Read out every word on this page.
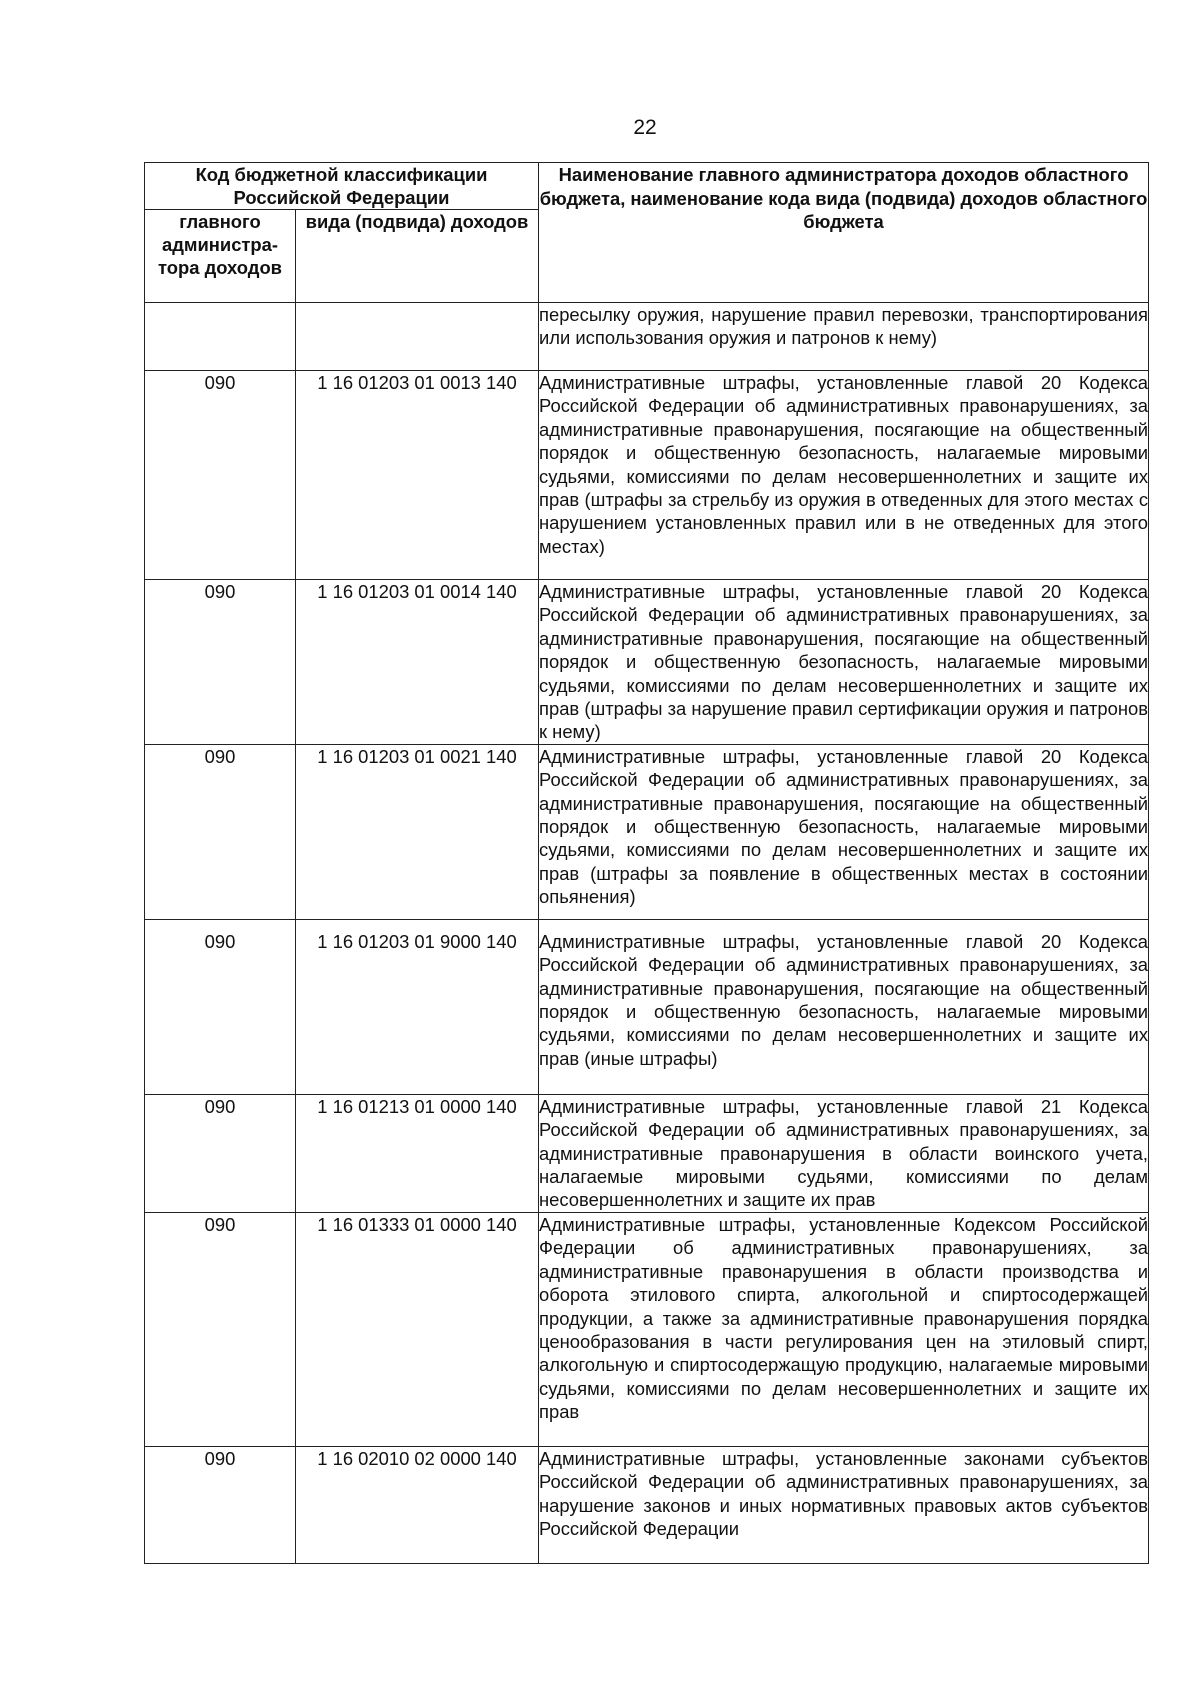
22
Код бюджетной классификации Российской Федерации		Наименование главного администратора доходов областного бюджета, наименование кода вида (подвида) доходов областного бюджета
главного администра-тора доходов	вида (подвида) доходов	
		пересылку оружия, нарушение правил перевозки, транспортирования или использования оружия и патронов к нему)
090	1 16 01203 01 0013 140	Административные штрафы, установленные главой 20 Кодекса Российской Федерации об административных правонарушениях, за административные правонарушения, посягающие на общественный порядок и общественную безопасность, налагаемые мировыми судьями, комиссиями по делам несовершеннолетних и защите их прав (штрафы за стрельбу из оружия в отведенных для этого местах с нарушением установленных правил или в не отведенных для этого местах)
090	1 16 01203 01 0014 140	Административные штрафы, установленные главой 20 Кодекса Российской Федерации об административных правонарушениях, за административные правонарушения, посягающие на общественный порядок и общественную безопасность, налагаемые мировыми судьями, комиссиями по делам несовершеннолетних и защите их прав (штрафы за нарушение правил сертификации оружия и патронов к нему)
090	1 16 01203 01 0021 140	Административные штрафы, установленные главой 20 Кодекса Российской Федерации об административных правонарушениях, за административные правонарушения, посягающие на общественный порядок и общественную безопасность, налагаемые мировыми судьями, комиссиями по делам несовершеннолетних и защите их прав (штрафы за появление в общественных местах в состоянии опьянения)
090	1 16 01203 01 9000 140	Административные штрафы, установленные главой 20 Кодекса Российской Федерации об административных правонарушениях, за административные правонарушения, посягающие на общественный порядок и общественную безопасность, налагаемые мировыми судьями, комиссиями по делам несовершеннолетних и защите их прав (иные штрафы)
090	1 16 01213 01 0000 140	Административные штрафы, установленные главой 21 Кодекса Российской Федерации об административных правонарушениях, за административные правонарушения в области воинского учета, налагаемые мировыми судьями, комиссиями по делам несовершеннолетних и защите их прав
090	1 16 01333 01 0000 140	Административные штрафы, установленные Кодексом Российской Федерации об административных правонарушениях, за административные правонарушения в области производства и оборота этилового спирта, алкогольной и спиртосодержащей продукции, а также за административные правонарушения порядка ценообразования в части регулирования цен на этиловый спирт, алкогольную и спиртосодержащую продукцию, налагаемые мировыми судьями, комиссиями по делам несовершеннолетних и защите их прав
090	1 16 02010 02 0000 140	Административные штрафы, установленные законами субъектов Российской Федерации об административных правонарушениях, за нарушение законов и иных нормативных правовых актов субъектов Российской Федерации
